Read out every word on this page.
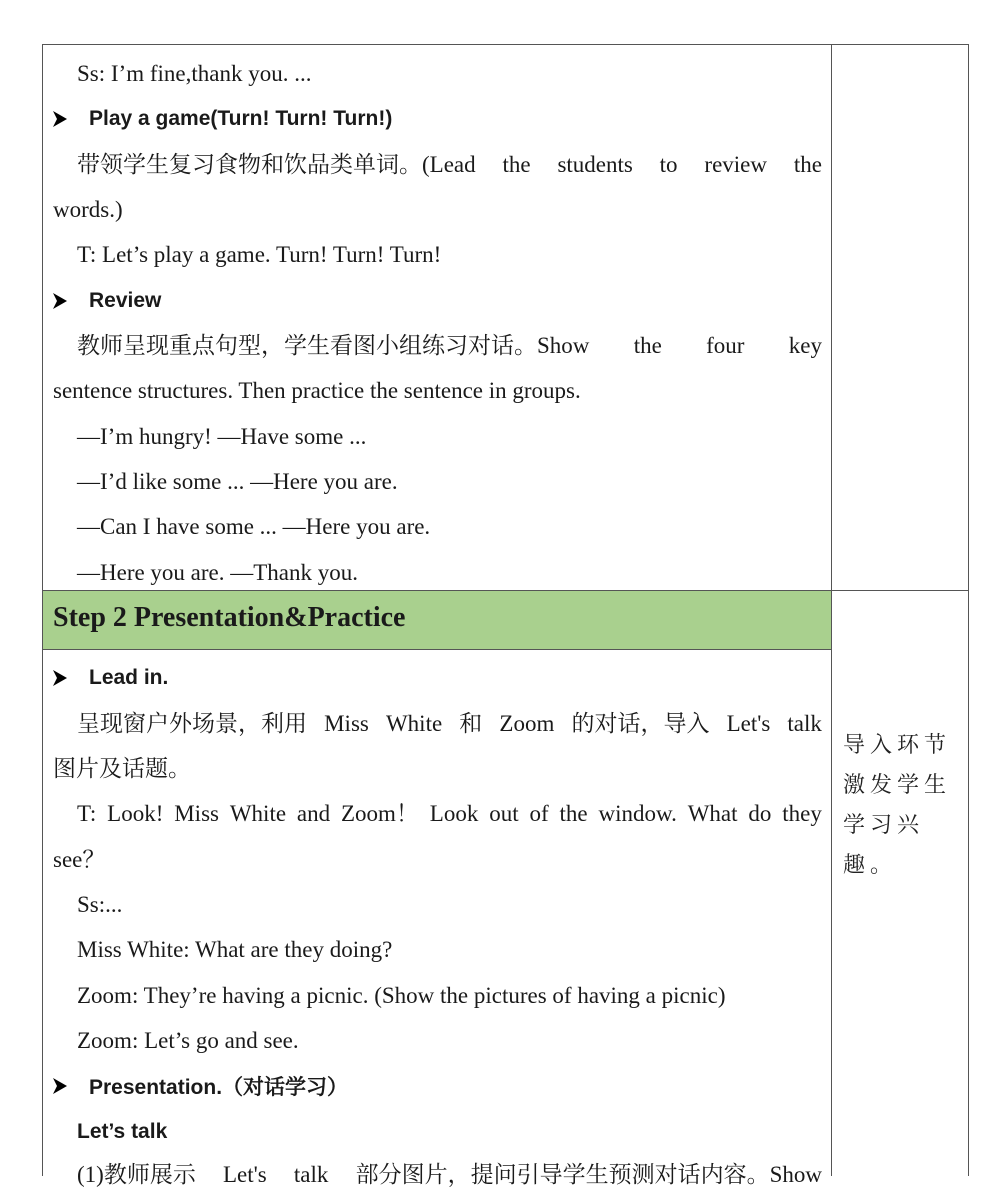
Ss: I’m fine,thank you. ...
Play a game(Turn! Turn! Turn!)
带领学生复习食物和饮品类单词。(Lead the students to review the
words.)
T: Let’s play a game. Turn! Turn! Turn!
Review
教师呈现重点句型，学生看图小组练习对话。Show the four key
sentence structures. Then practice the sentence in groups.
—I’m hungry! —Have some ...
—I’d like some ... —Here you are.
—Can I have some ... —Here you are.
—Here you are. —Thank you.
Step 2 Presentation&Practice
Lead in.
呈现窗户外场景，利用 Miss White 和 Zoom 的对话，导入 Let's talk
图片及话题。
T: Look! Miss White and Zoom！ Look out of the window. What do they
see？
Ss:...
Miss White: What are they doing?
Zoom: They’re having a picnic. (Show the pictures of having a picnic)
Zoom: Let’s go and see.
Presentation.（对话学习）
Let’s talk
(1)教师展示 Let's talk 部分图片，提问引导学生预测对话内容。Show
导入环节激发学生学习兴趣。
